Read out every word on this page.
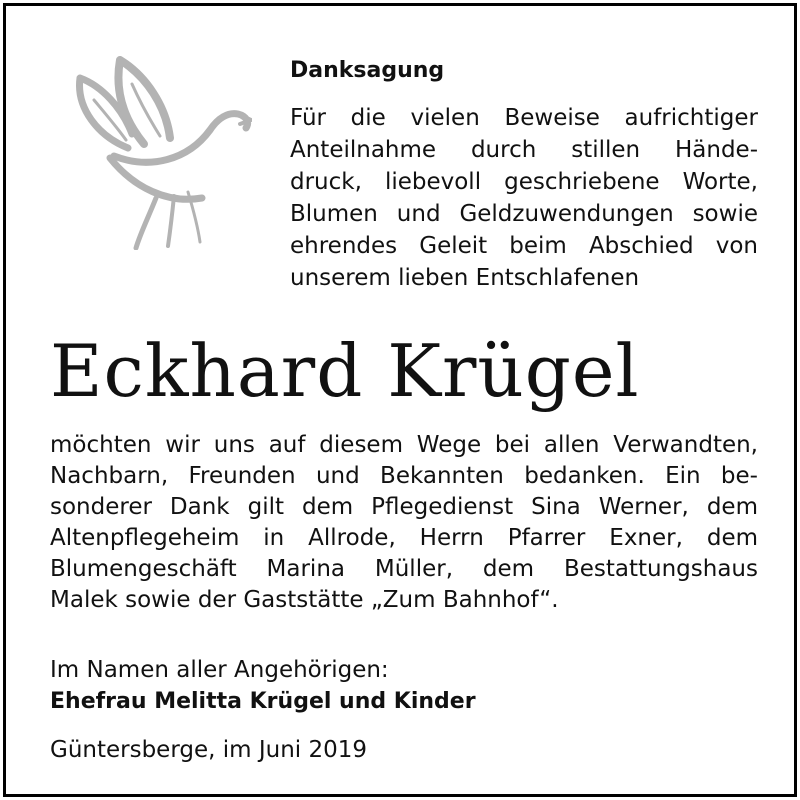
Danksagung

Für die vielen Beweise aufrichtiger
Anteilnahme durch stillen Hände-
druck, liebevoll geschriebene Worte,
Blumen und Geldzuwendungen sowie
ehrendes Geleit beim Abschied von
unserem lieben Entschlafenen

Eckhard Krügel

möchten wir uns auf diesem Wege bei allen Verwandten,
Nachbarn, Freunden und Bekannten bedanken. Ein be-
sonderer Dank gilt dem Pflegedienst Sina Werner, dem
Altenpflegeheim in Allrode, Herrn Pfarrer Exner, dem
Blumengeschäft Marina Müller, dem Bestattungshaus
Malek sowie der Gaststätte „Zum Bahnhof“.

Im Namen aller Angehörigen:
Ehefrau Melitta Krügel und Kinder
Güntersberge, im Juni 2019
